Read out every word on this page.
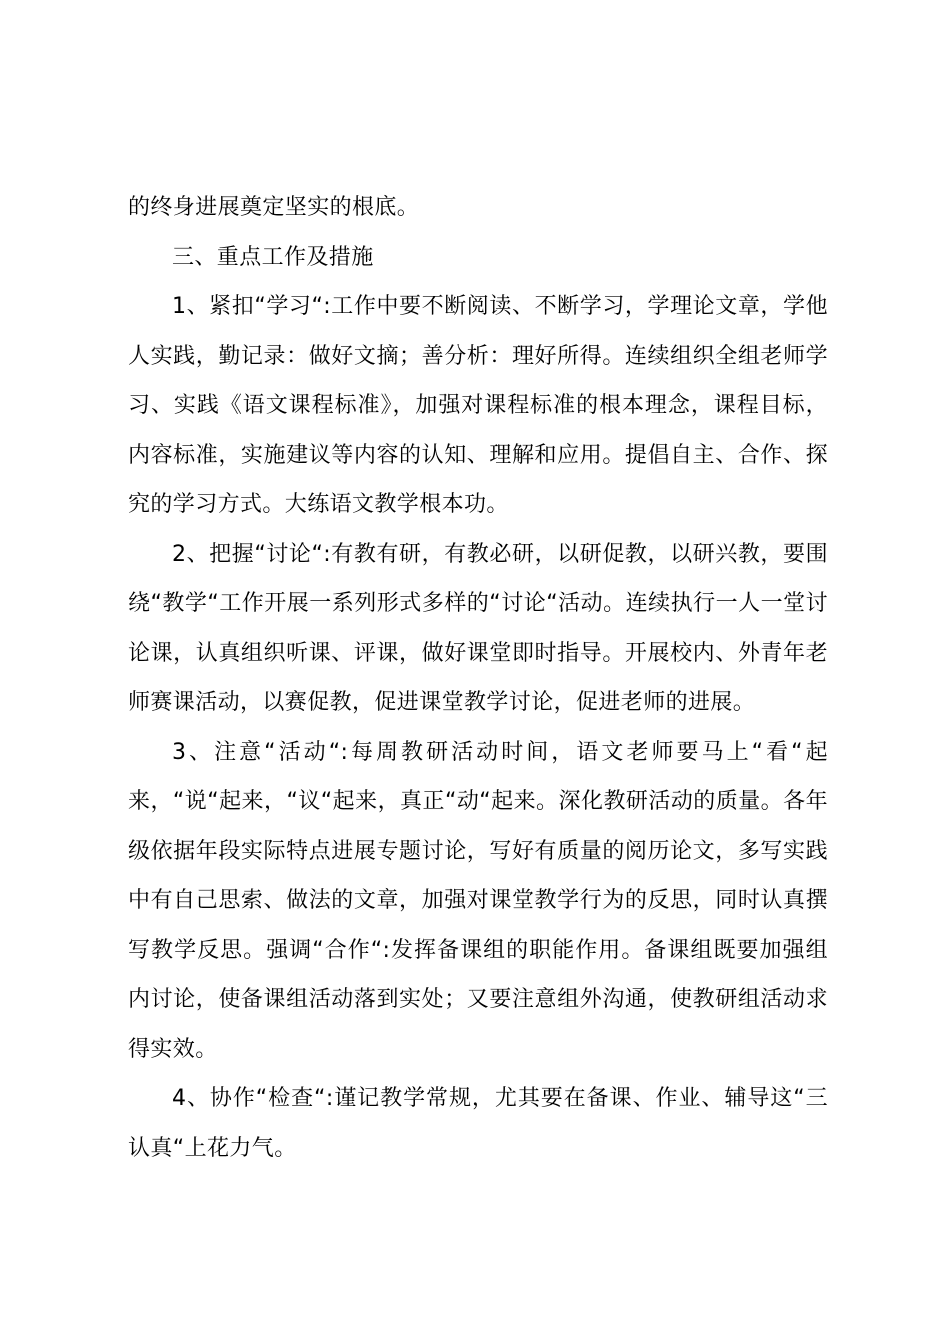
的终身进展奠定坚实的根底。

三、重点工作及措施

1、紧扣“学习“:工作中要不断阅读、不断学习，学理论文章，学他人实践，勤记录：做好文摘；善分析：理好所得。连续组织全组老师学习、实践《语文课程标准》，加强对课程标准的根本理念，课程目标，内容标准，实施建议等内容的认知、理解和应用。提倡自主、合作、探究的学习方式。大练语文教学根本功。

2、把握“讨论“:有教有研，有教必研，以研促教，以研兴教，要围绕“教学“工作开展一系列形式多样的“讨论“活动。连续执行一人一堂讨论课，认真组织听课、评课，做好课堂即时指导。开展校内、外青年老师赛课活动，以赛促教，促进课堂教学讨论，促进老师的进展。

3、注意“活动“:每周教研活动时间，语文老师要马上“看“起来，“说“起来，“议“起来，真正“动“起来。深化教研活动的质量。各年级依据年段实际特点进展专题讨论，写好有质量的阅历论文，多写实践中有自己思索、做法的文章，加强对课堂教学行为的反思，同时认真撰写教学反思。强调“合作“:发挥备课组的职能作用。备课组既要加强组内讨论，使备课组活动落到实处；又要注意组外沟通，使教研组活动求得实效。

4、协作“检查“:谨记教学常规，尤其要在备课、作业、辅导这“三认真“上花力气。
